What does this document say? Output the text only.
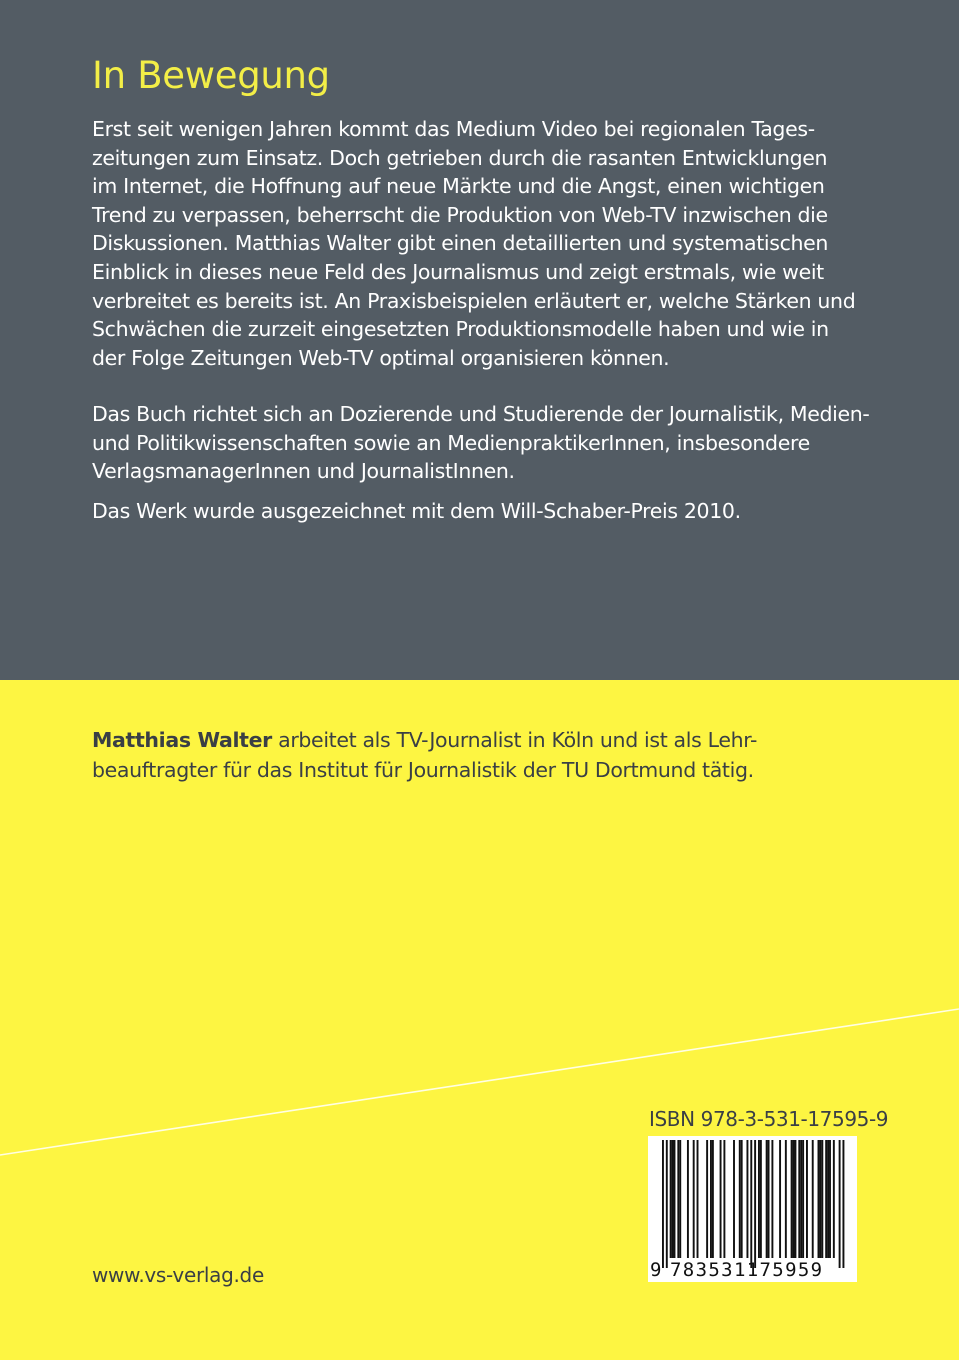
In Bewegung

Erst seit wenigen Jahren kommt das Medium Video bei regionalen Tages-
zeitungen zum Einsatz. Doch getrieben durch die rasanten Entwicklungen
im Internet, die Hoffnung auf neue Märkte und die Angst, einen wichtigen
Trend zu verpassen, beherrscht die Produktion von Web-TV inzwischen die
Diskussionen. Matthias Walter gibt einen detaillierten und systematischen
Einblick in dieses neue Feld des Journalismus und zeigt erstmals, wie weit
verbreitet es bereits ist. An Praxisbeispielen erläutert er, welche Stärken und
Schwächen die zurzeit eingesetzten Produktionsmodelle haben und wie in
der Folge Zeitungen Web-TV optimal organisieren können.

Das Buch richtet sich an Dozierende und Studierende der Journalistik, Medien-
und Politikwissenschaften sowie an MedienpraktikerInnen, insbesondere
VerlagsmanagerInnen und JournalistInnen.

Das Werk wurde ausgezeichnet mit dem Will-Schaber-Preis 2010.

Matthias Walter arbeitet als TV-Journalist in Köln und ist als Lehr-
beauftragter für das Institut für Journalistik der TU Dortmund tätig.

ISBN 978-3-531-17595-9
9 783531175959
www.vs-verlag.de
